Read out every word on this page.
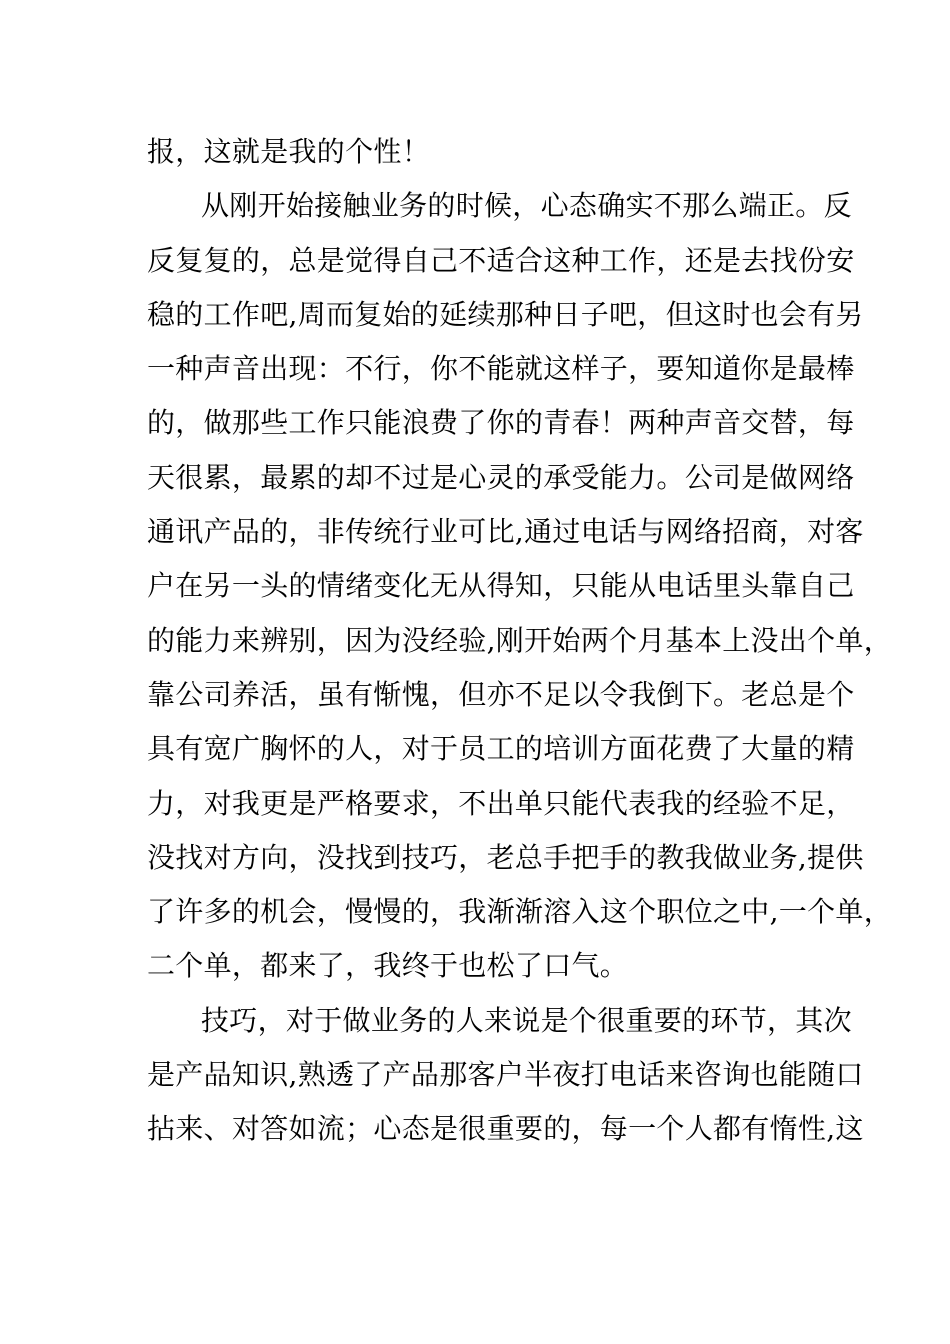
报，这就是我的个性！
从刚开始接触业务的时候，心态确实不那么端正。反
反复复的，总是觉得自己不适合这种工作，还是去找份安
稳的工作吧,周而复始的延续那种日子吧，但这时也会有另
一种声音出现：不行，你不能就这样子，要知道你是最棒
的，做那些工作只能浪费了你的青春！两种声音交替，每
天很累，最累的却不过是心灵的承受能力。公司是做网络
通讯产品的，非传统行业可比,通过电话与网络招商，对客
户在另一头的情绪变化无从得知，只能从电话里头靠自己
的能力来辨别，因为没经验,刚开始两个月基本上没出个单，
靠公司养活，虽有惭愧，但亦不足以令我倒下。老总是个
具有宽广胸怀的人，对于员工的培训方面花费了大量的精
力，对我更是严格要求，不出单只能代表我的经验不足，
没找对方向，没找到技巧，老总手把手的教我做业务,提供
了许多的机会，慢慢的，我渐渐溶入这个职位之中,一个单，
二个单，都来了，我终于也松了口气。
技巧，对于做业务的人来说是个很重要的环节，其次
是产品知识,熟透了产品那客户半夜打电话来咨询也能随口
拈来、对答如流；心态是很重要的，每一个人都有惰性,这
